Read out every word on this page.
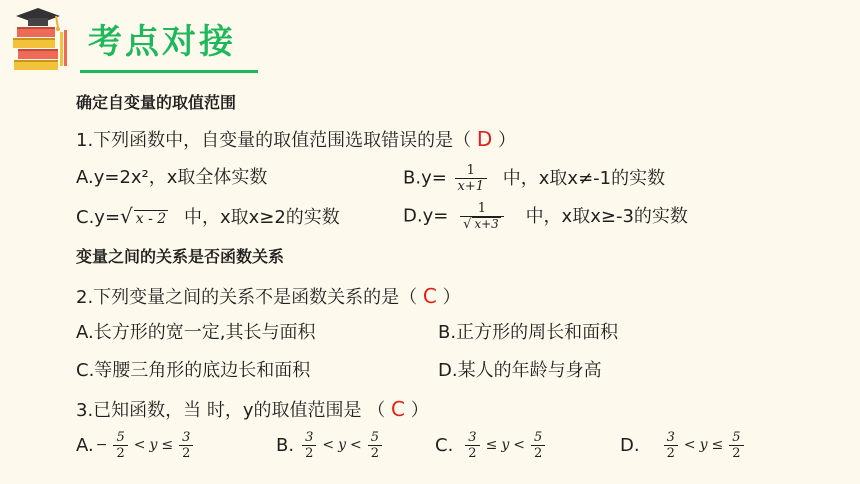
考点对接
确定自变量的取值范围
1.下列函数中，自变量的取值范围选取错误的是（ D ）
A.y=2x²，x取全体实数	$B.y= \frac{1}{x+1}$ 中，x取x≠-1的实数
C.y=√ x - 2 中，x取x≥2的实数	$D.y= \frac{1}{√ x+3}$ 中，x取x≥-3的实数
变量之间的关系是否函数关系
2.下列变量之间的关系不是函数关系的是（ C ）
A.长方形的宽一定,其长与面积	B.正方形的周长和面积
C.等腰三角形的底边长和面积	D.某人的年龄与身高
3.已知函数，当 时，y的取值范围是 （ C ）
A. − $\frac{5}{2} < y \le \frac{3}{2}$	B. $\frac{3}{2} < y < \frac{5}{2}$	C. $\frac{3}{2} \le y < \frac{5}{2}$	D. $\frac{3}{2} < y \le \frac{5}{2}$
